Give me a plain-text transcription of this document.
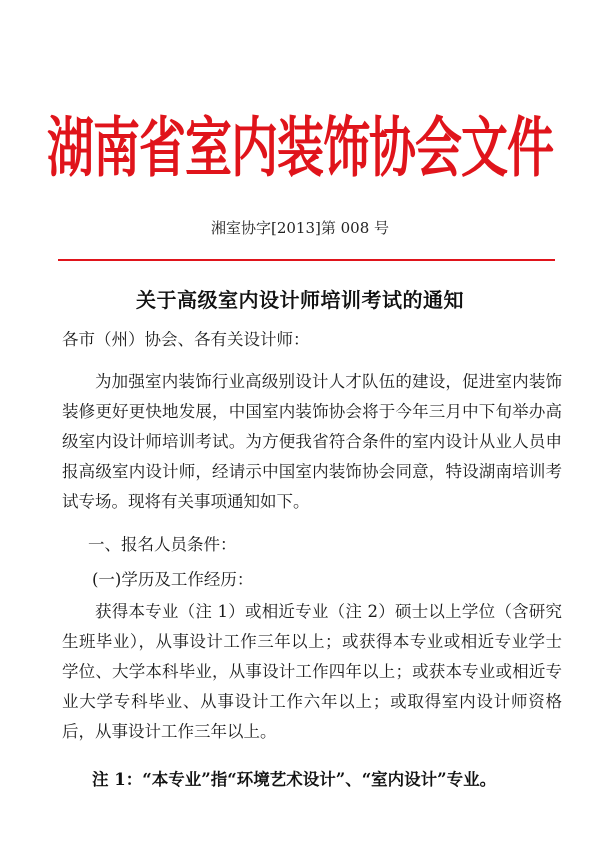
湖南省室内装饰协会文件
湘室协字[2013]第 008 号
关于高级室内设计师培训考试的通知
各市（州）协会、各有关设计师：
为加强室内装饰行业高级别设计人才队伍的建设，促进室内装饰装修更好更快地发展，中国室内装饰协会将于今年三月中下旬举办高级室内设计师培训考试。为方便我省符合条件的室内设计从业人员申报高级室内设计师，经请示中国室内装饰协会同意，特设湖南培训考试专场。现将有关事项通知如下。
一、报名人员条件：
(一)学历及工作经历：
获得本专业（注 1）或相近专业（注 2）硕士以上学位（含研究生班毕业），从事设计工作三年以上；或获得本专业或相近专业学士学位、大学本科毕业，从事设计工作四年以上；或获本专业或相近专业大学专科毕业、从事设计工作六年以上；或取得室内设计师资格后，从事设计工作三年以上。
注 1：“本专业”指“环境艺术设计”、“室内设计”专业。
